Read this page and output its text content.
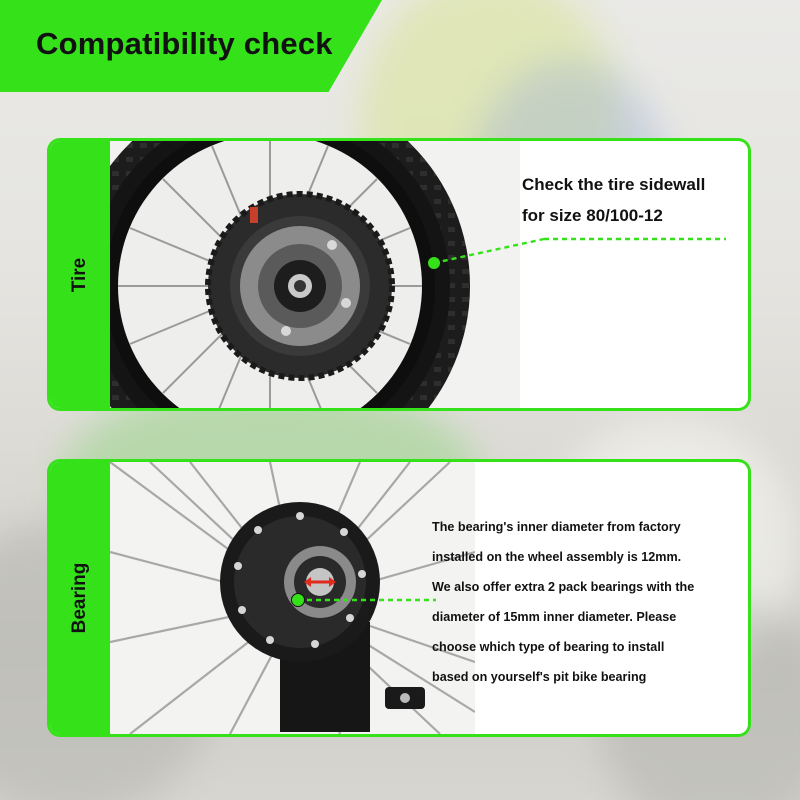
Compatibility check
Tire
Check the tire sidewall
for size 80/100-12
Bearing
The bearing's inner diameter from factory
installed on the wheel assembly is 12mm.
We also offer extra 2 pack bearings with the
diameter of 15mm inner diameter. Please
choose which type of bearing to install
based on yourself's pit bike bearing
